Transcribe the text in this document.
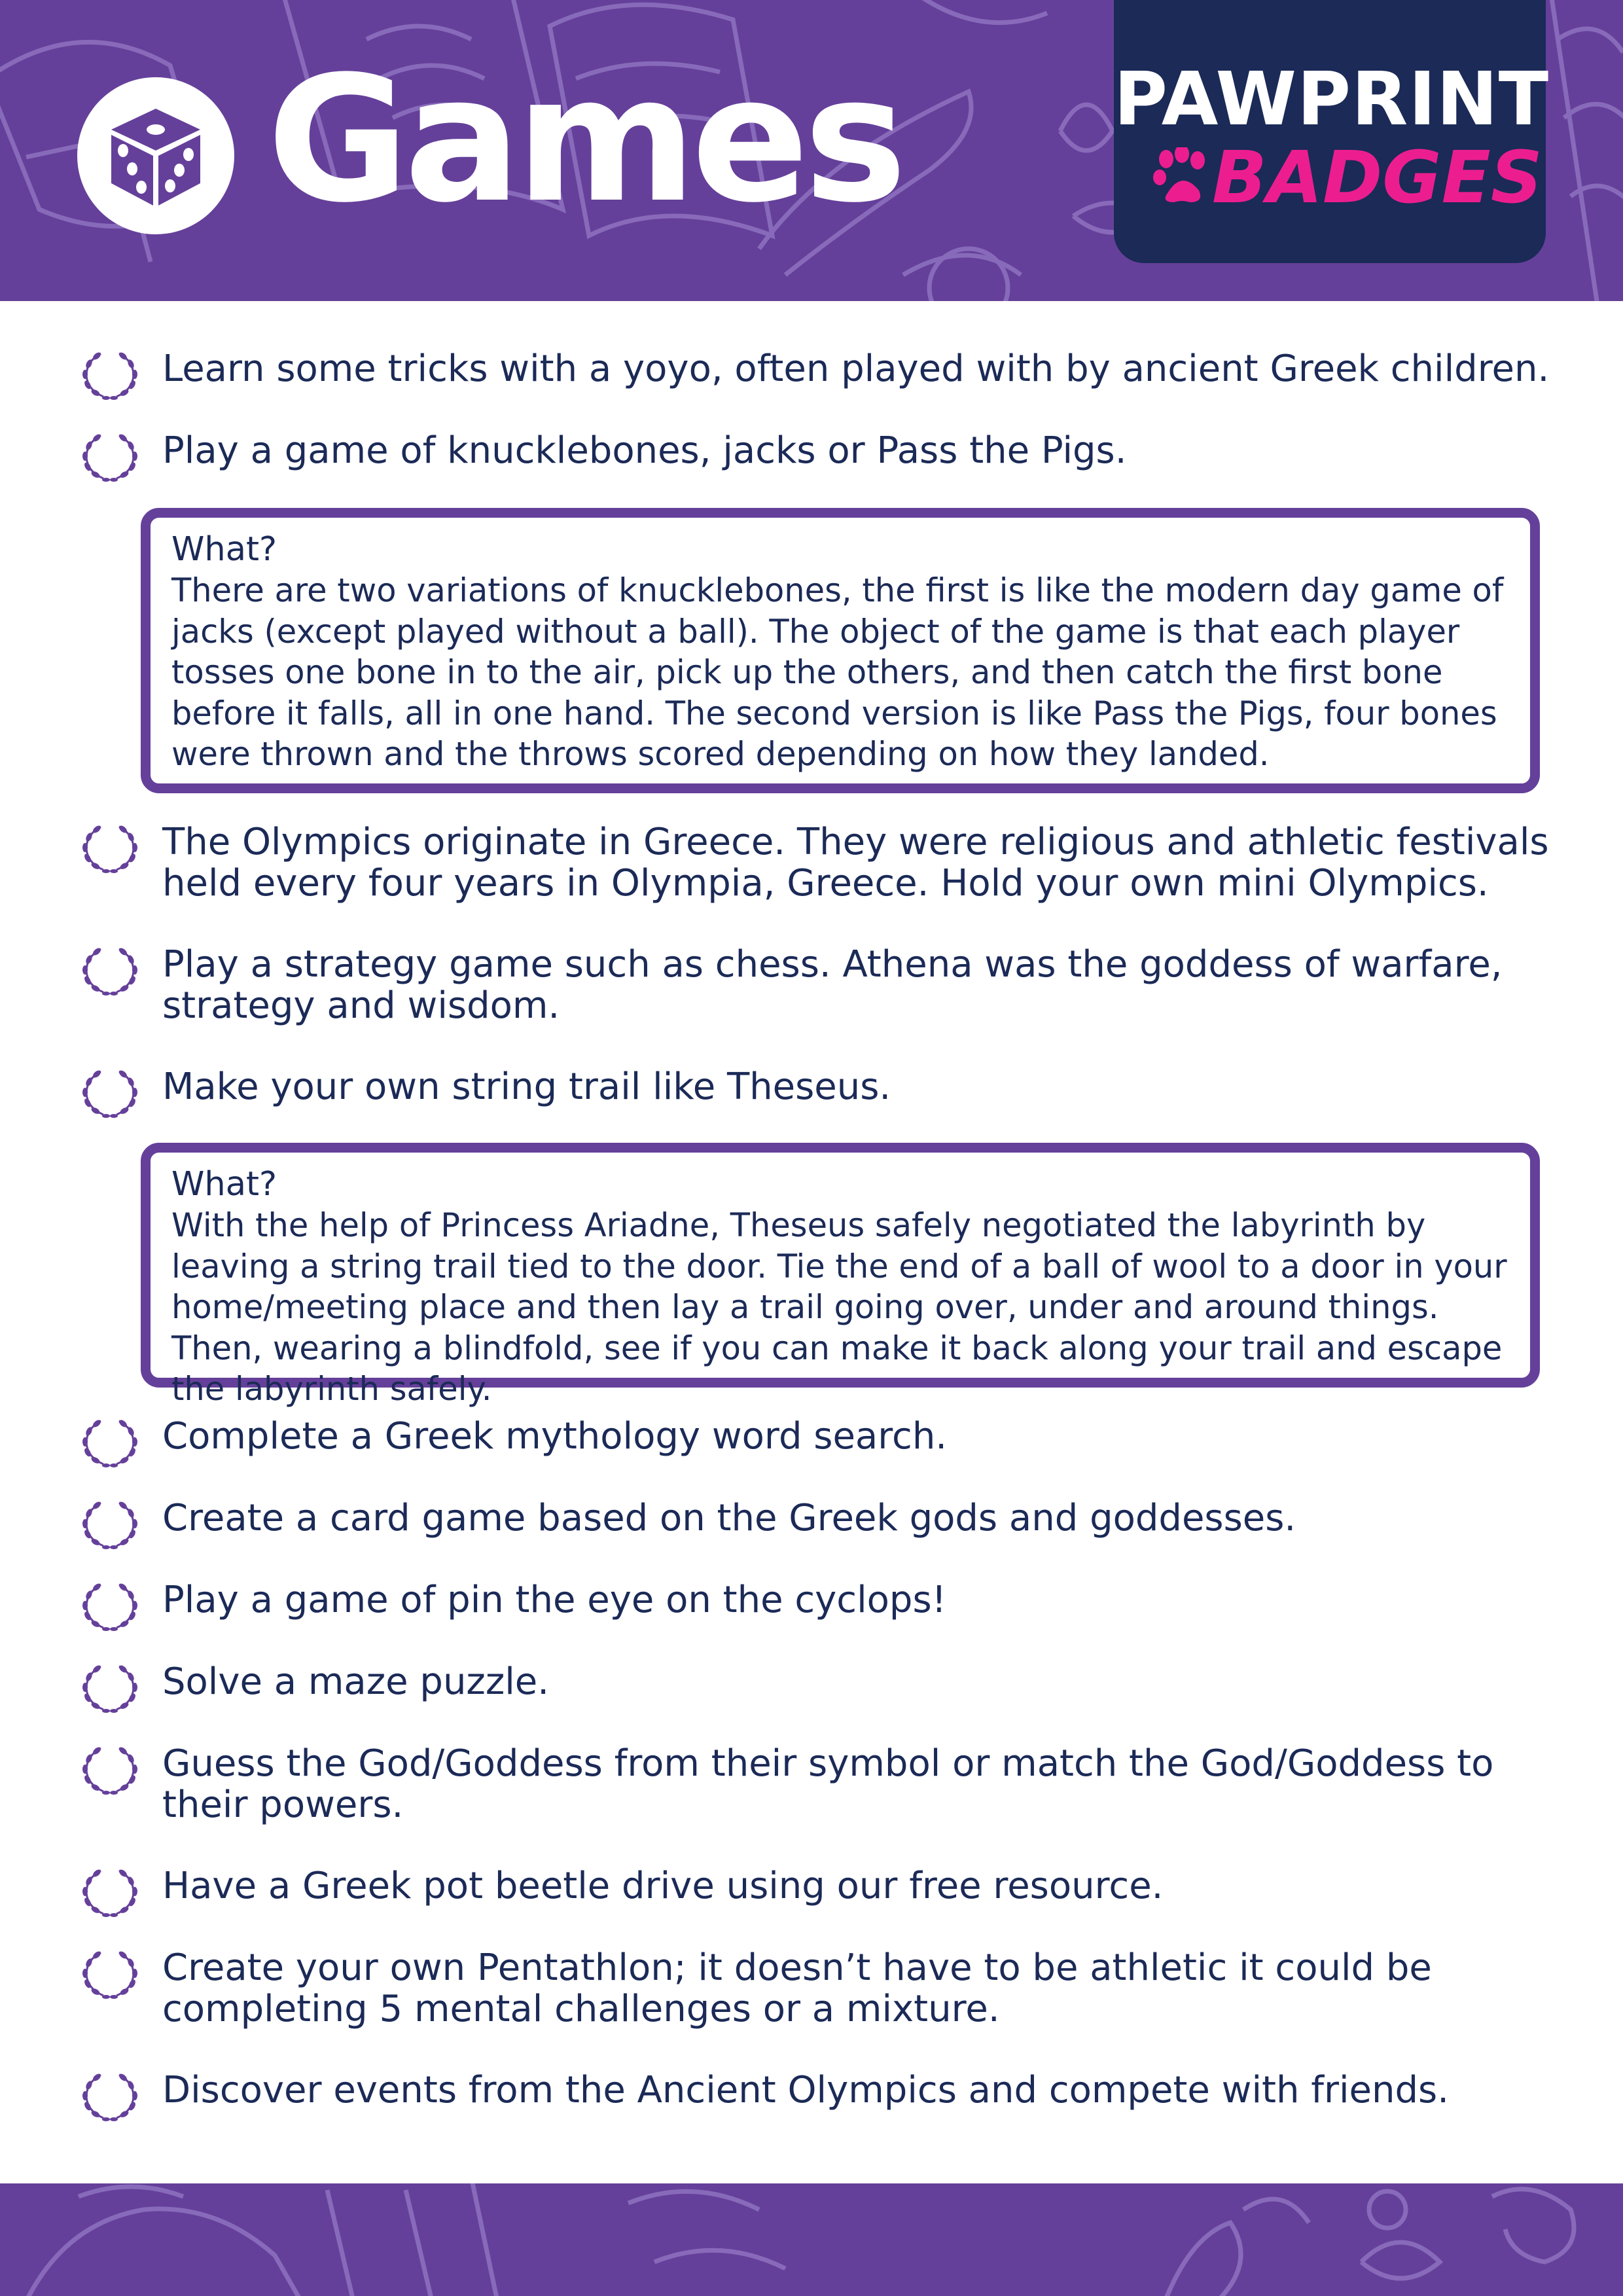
Games	PAWPRINT
BADGES
Learn some tricks with a yoyo, often played with by ancient Greek children.
Play a game of knucklebones, jacks or Pass the Pigs.
What?
There are two variations of knucklebones, the first is like the modern day game of jacks (except played without a ball). The object of the game is that each player tosses one bone in to the air, pick up the others, and then catch the first bone before it falls, all in one hand. The second version is like Pass the Pigs, four bones were thrown and the throws scored depending on how they landed.
The Olympics originate in Greece. They were religious and athletic festivals held every four years in Olympia, Greece. Hold your own mini Olympics.
Play a strategy game such as chess. Athena was the goddess of warfare, strategy and wisdom.
Make your own string trail like Theseus.
What?
With the help of Princess Ariadne, Theseus safely negotiated the labyrinth by leaving a string trail tied to the door. Tie the end of a ball of wool to a door in your home/meeting place and then lay a trail going over, under and around things. Then, wearing a blindfold, see if you can make it back along your trail and escape the labyrinth safely.
Complete a Greek mythology word search.
Create a card game based on the Greek gods and goddesses.
Play a game of pin the eye on the cyclops!
Solve a maze puzzle.
Guess the God/Goddess from their symbol or match the God/Goddess to their powers.
Have a Greek pot beetle drive using our free resource.
Create your own Pentathlon; it doesn’t have to be athletic it could be completing 5 mental challenges or a mixture.
Discover events from the Ancient Olympics and compete with friends.
